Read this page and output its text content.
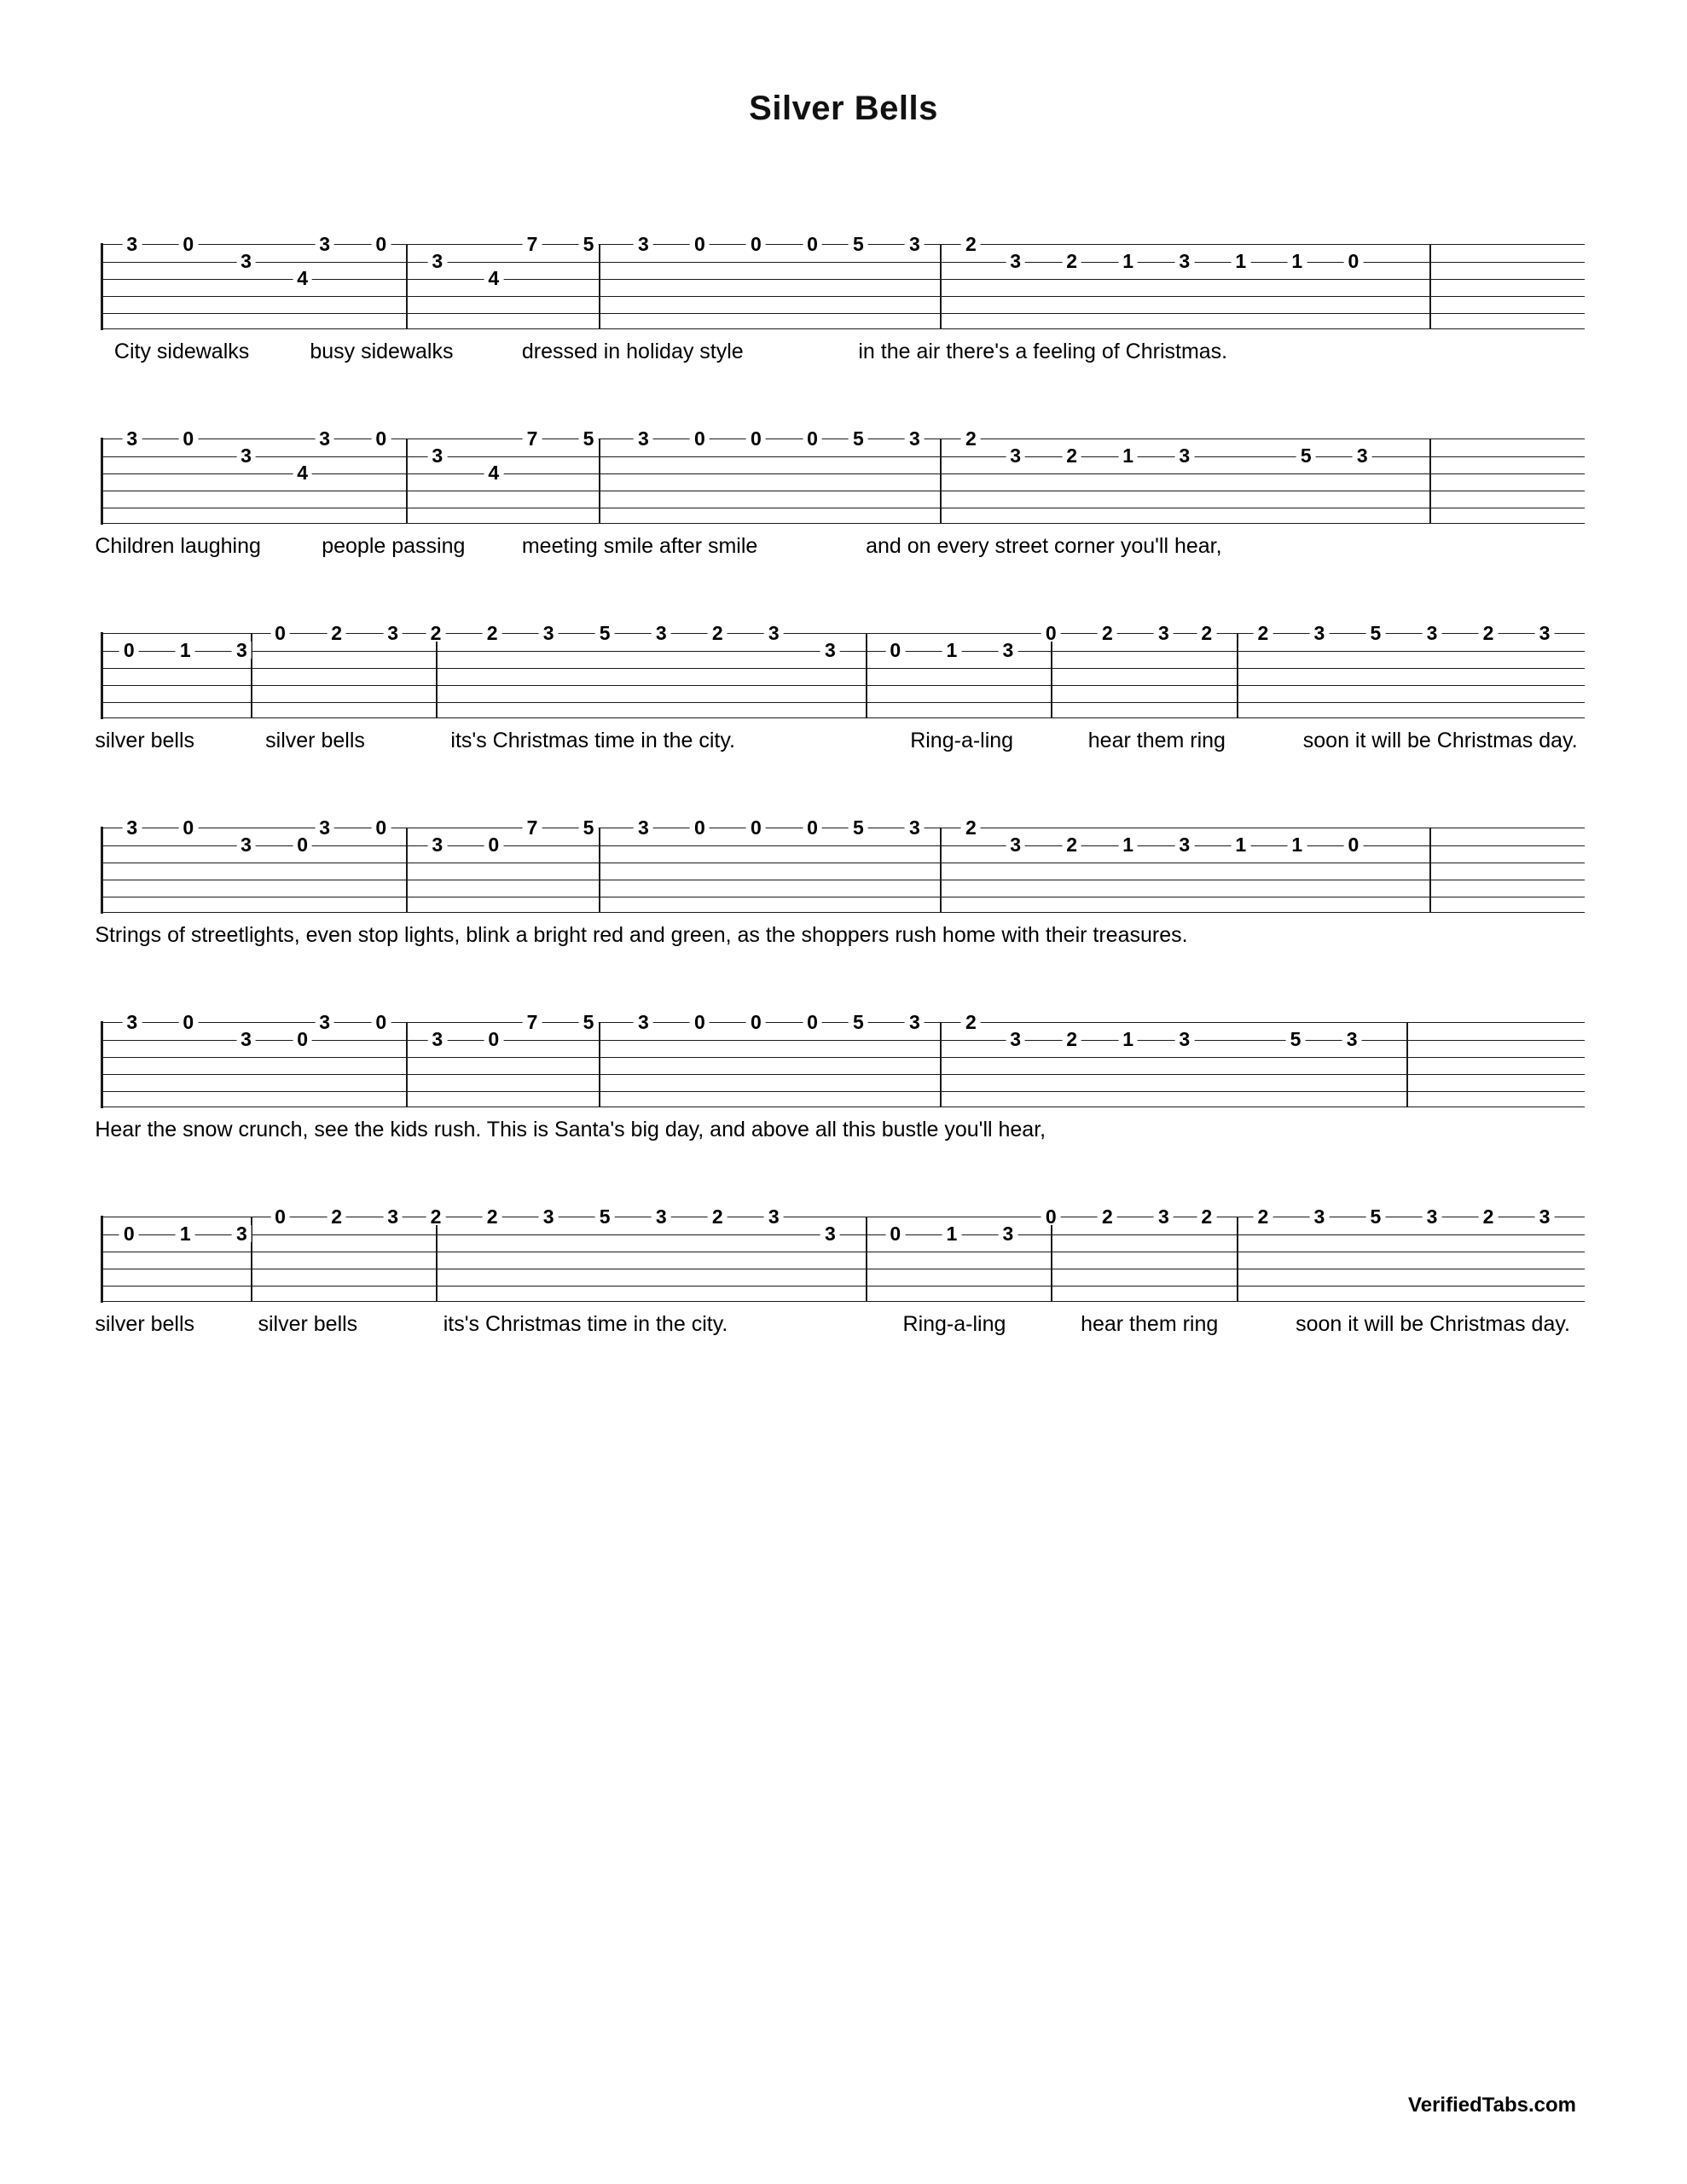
Silver Bells
3 0
3
4
3 0
3
4
7 5 3 0 0 0 5 3 2
3 2 1 3 1 1 0
City sidewalks	busy sidewalks	dressed in holiday style	in the air there's a feeling of Christmas.
3 0
3
4
3 0
3
4
7 5 3 0 0 0 5 3 2
3 2 1 3	5 3
Children laughing	people passing	meeting smile after smile	and on every street corner you'll hear,
0 1 3
0 2 3 2 2 3 5 3 2 3
3	0 1 3
0 2 3 2 2 3 5 3 2 3
silver bells	silver bells	its's Christmas time in the city.	Ring-a-ling	hear them ring	soon it will be Christmas day.
3 0
3 0
3 0
3 0
7 5 3 0 0 0 5 3 2
3 2 1 3 1 1 0
Strings of streetlights, even stop lights, blink a bright red and green, as the shoppers rush home with their treasures.
3 0
3 0
3 0
3 0
7 5 3 0 0 0 5 3 2
3 2 1 3	5 3
Hear the snow crunch, see the kids rush. This is Santa's big day, and above all this bustle you'll hear,
0 1 3
0 2 3 2 2 3 5 3 2 3
3	0 1 3
0 2 3 2 2 3 5 3 2 3
silver bells	silver bells	its's Christmas time in the city.	Ring-a-ling	hear them ring	soon it will be Christmas day.
VerifiedTabs.com
